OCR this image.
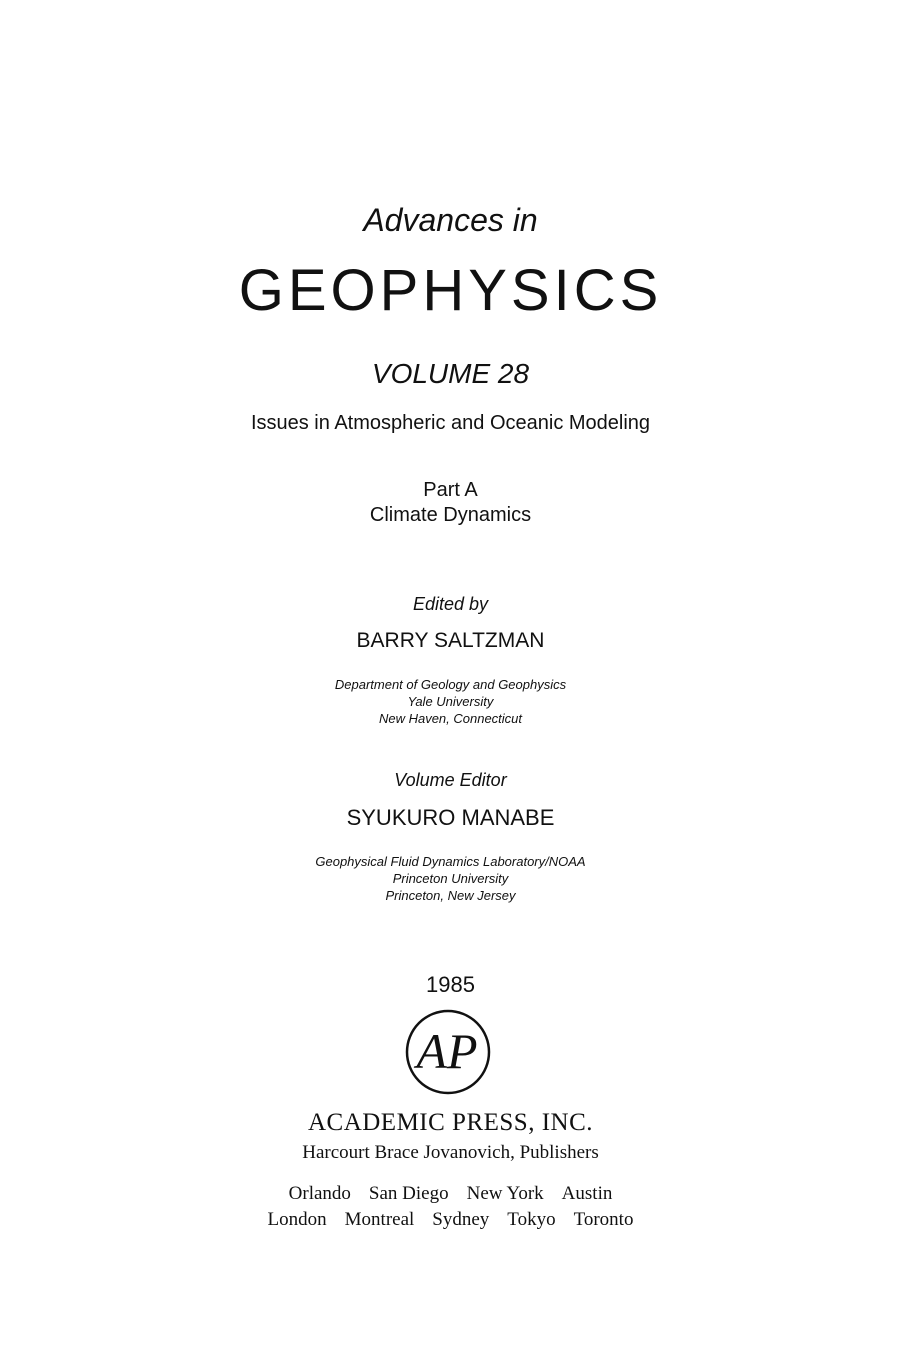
Advances in
GEOPHYSICS
VOLUME 28
Issues in Atmospheric and Oceanic Modeling
Part A
Climate Dynamics
Edited by
BARRY SALTZMAN
Department of Geology and Geophysics
Yale University
New Haven, Connecticut
Volume Editor
SYUKURO MANABE
Geophysical Fluid Dynamics Laboratory/NOAA
Princeton University
Princeton, New Jersey
1985
AP
ACADEMIC PRESS, INC.
Harcourt Brace Jovanovich, Publishers
Orlando San Diego New York Austin
London Montreal Sydney Tokyo Toronto
